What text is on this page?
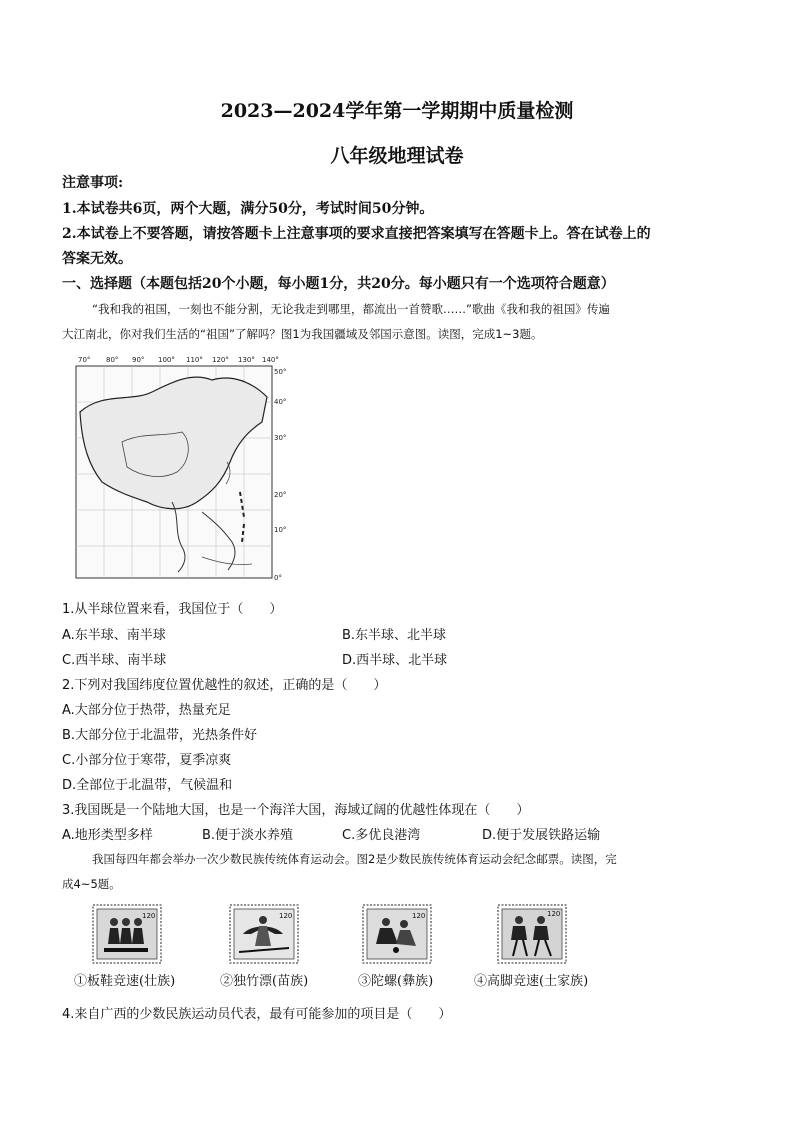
2023—2024学年第一学期期中质量检测
八年级地理试卷
注意事项:
1.本试卷共6页，两个大题，满分50分，考试时间50分钟。
2.本试卷上不要答题，请按答题卡上注意事项的要求直接把答案填写在答题卡上。答在试卷上的
答案无效。
一、选择题（本题包括20个小题，每小题1分，共20分。每小题只有一个选项符合题意）
“我和我的祖国，一刻也不能分割，无论我走到哪里，都流出一首赞歌……”歌曲《我和我的祖国》传遍
大江南北，你对我们生活的“祖国”了解吗？图1为我国疆域及邻国示意图。读图，完成1~3题。
70° 80° 90° 100° 110° 120° 130° 140°
50°
40°
30°
20°
10°
0°
1.从半球位置来看，我国位于（　　）
A.东半球、南半球	B.东半球、北半球
C.西半球、南半球	D.西半球、北半球
2.下列对我国纬度位置优越性的叙述，正确的是（　　）
A.大部分位于热带，热量充足
B.大部分位于北温带，光热条件好
C.小部分位于寒带，夏季凉爽
D.全部位于北温带，气候温和
3.我国既是一个陆地大国，也是一个海洋大国，海域辽阔的优越性体现在（　　）
A.地形类型多样	B.便于淡水养殖	C.多优良港湾	D.便于发展铁路运输
我国每四年都会举办一次少数民族传统体育运动会。图2是少数民族传统体育运动会纪念邮票。读图，完
成4~5题。
120	120	120	120
①板鞋竞速(壮族)	②独竹漂(苗族)	③陀螺(彝族)	④高脚竞速(土家族)
4.来自广西的少数民族运动员代表，最有可能参加的项目是（　　）
